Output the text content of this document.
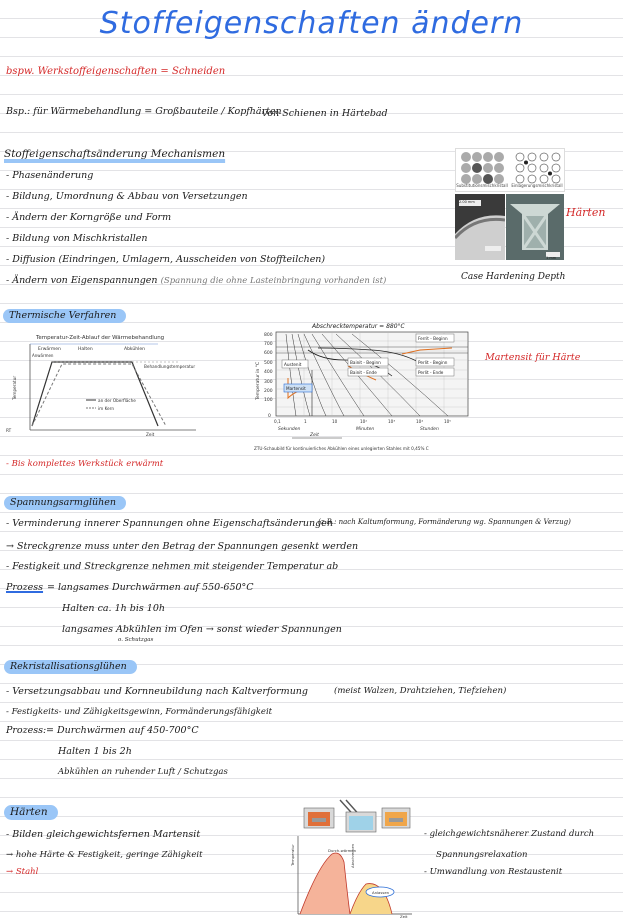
Stoffeigenschaften ändern
bspw. Werkstoffeigenschaften = Schneiden
Bsp.: für Wärmebehandlung = Großbauteile / Kopfhärten
von Schienen in Härtebad
Stoffeigenschaftsänderung Mechanismen
- Phasenänderung
- Bildung, Umordnung & Abbau von Versetzungen
- Ändern der Korngröße und Form
- Bildung von Mischkristallen
- Diffusion (Eindringen, Umlagern, Ausscheiden von Stoffteilchen)
- Ändern von Eigenspannungen (Spannung die ohne Lasteinbringung vorhanden ist)
Substitutionsmischkristall Einlagerungsmischkristall
2.00 mm
1 mm
Härten
Case Hardening Depth
Thermische Verfahren
Temperatur-Zeit-Ablauf der Wärmebehandlung
Erwärmen	Halten	Abkühlen
Anwärmen
Behandlungstemperatur
an der Oberfläche
im Kern
Temperatur
Zeit
RT
Abschrecktemperatur = 880°C
800
700
600
500
400
300
200
100
0
Temperatur in °C	Austenit
Martensit
Bainit - Beginn
Bainit - Ende
Ferrit - Beginn
Perlit - Beginn
Perlit - Ende
0,1	1	10	10²	10³	10⁴	10⁵
Sekunden	Minuten	Stunden
Zeit
ZTU-Schaubild für kontinuierliches Abkühlen eines unlegierten Stahles mit 0,45% C
Martensit für Härte
- Bis komplettes Werkstück erwärmt
Spannungsarmglühen
- Verminderung innerer Spannungen ohne Eigenschaftsänderungen
(z.B.: nach Kaltumformung, Formänderung wg. Spannungen & Verzug)
→ Streckgrenze muss unter den Betrag der Spannungen gesenkt werden
- Festigkeit und Streckgrenze nehmen mit steigender Temperatur ab
Prozess = langsames Durchwärmen auf 550-650°C
Halten ca. 1h bis 10h
langsames Abkühlen im Ofen → sonst wieder Spannungen
o. Schutzgas
Rekristallisationsglühen
- Versetzungsabbau und Kornneubildung nach Kaltverformung	(meist Walzen, Drahtziehen, Tiefziehen)
- Festigkeits- und Zähigkeitsgewinn, Formänderungsfähigkeit
Prozess: = Durchwärmen auf 450-700°C
Halten 1 bis 2h
Abkühlen an ruhender Luft / Schutzgas
Härten
- Bilden gleichgewichtsfernen Martensit
→ hohe Härte & Festigkeit, geringe Zähigkeit
→ Stahl
Temperatur
Zeit
Durch-wärmen
Abschrecken
Anlassen
- gleichgewichtsnäherer Zustand durch
Spannungsrelaxation
- Umwandlung von Restaustenit
